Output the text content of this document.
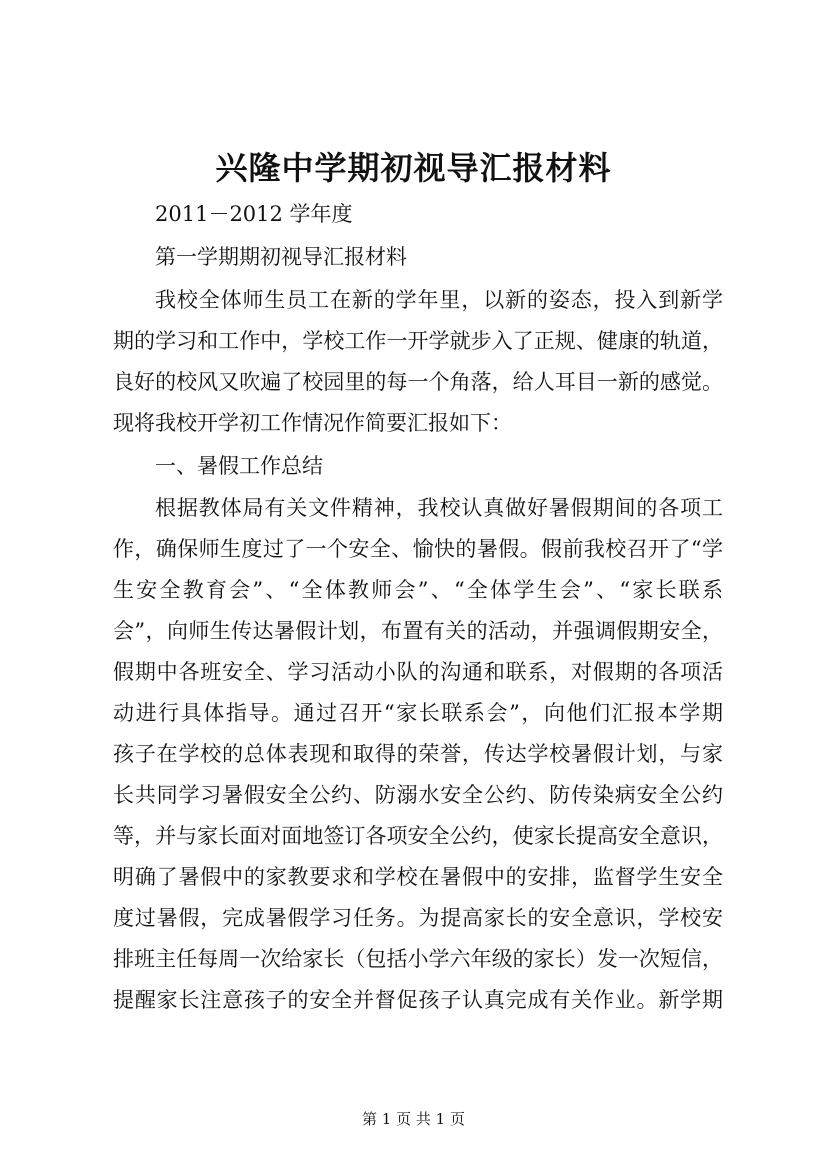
兴隆中学期初视导汇报材料

2011－2012 学年度

第一学期期初视导汇报材料

我校全体师生员工在新的学年里，以新的姿态，投入到新学

期的学习和工作中，学校工作一开学就步入了正规、健康的轨道，

良好的校风又吹遍了校园里的每一个角落，给人耳目一新的感觉。

现将我校开学初工作情况作简要汇报如下：

一、暑假工作总结

根据教体局有关文件精神，我校认真做好暑假期间的各项工

作，确保师生度过了一个安全、愉快的暑假。假前我校召开了“学

生安全教育会”、“全体教师会”、“全体学生会”、“家长联系

会”，向师生传达暑假计划，布置有关的活动，并强调假期安全，

假期中各班安全、学习活动小队的沟通和联系，对假期的各项活

动进行具体指导。通过召开“家长联系会”，向他们汇报本学期

孩子在学校的总体表现和取得的荣誉，传达学校暑假计划，与家

长共同学习暑假安全公约、防溺水安全公约、防传染病安全公约

等，并与家长面对面地签订各项安全公约，使家长提高安全意识，

明确了暑假中的家教要求和学校在暑假中的安排，监督学生安全

度过暑假，完成暑假学习任务。为提高家长的安全意识，学校安

排班主任每周一次给家长（包括小学六年级的家长）发一次短信，

提醒家长注意孩子的安全并督促孩子认真完成有关作业。新学期

第 1 页 共 1 页
